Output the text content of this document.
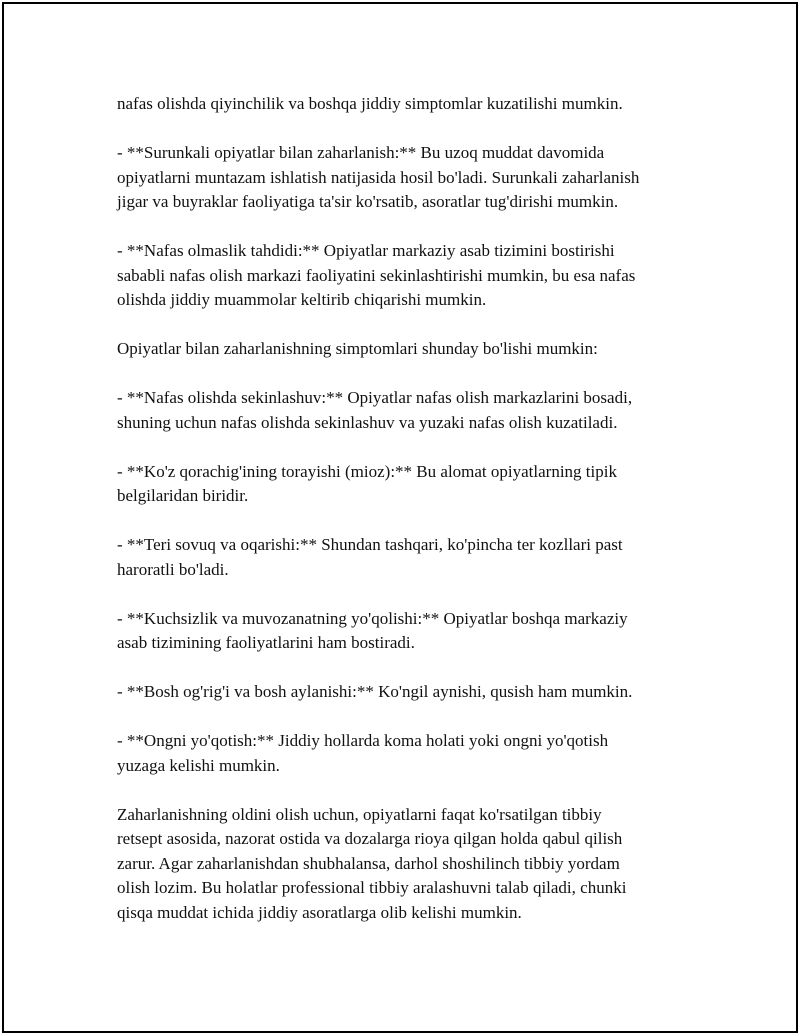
nafas olishda qiyinchilik va boshqa jiddiy simptomlar kuzatilishi mumkin.

- **Surunkali opiyatlar bilan zaharlanish:** Bu uzoq muddat davomida
opiyatlarni muntazam ishlatish natijasida hosil bo'ladi. Surunkali zaharlanish
jigar va buyraklar faoliyatiga ta'sir ko'rsatib, asoratlar tug'dirishi mumkin.

- **Nafas olmaslik tahdidi:** Opiyatlar markaziy asab tizimini bostirishi
sababli nafas olish markazi faoliyatini sekinlashtirishi mumkin, bu esa nafas
olishda jiddiy muammolar keltirib chiqarishi mumkin.

Opiyatlar bilan zaharlanishning simptomlari shunday bo'lishi mumkin:

- **Nafas olishda sekinlashuv:** Opiyatlar nafas olish markazlarini bosadi,
shuning uchun nafas olishda sekinlashuv va yuzaki nafas olish kuzatiladi.

- **Ko'z qorachig'ining torayishi (mioz):** Bu alomat opiyatlarning tipik
belgilaridan biridir.

- **Teri sovuq va oqarishi:** Shundan tashqari, ko'pincha ter kozllari past
haroratli bo'ladi.

- **Kuchsizlik va muvozanatning yo'qolishi:** Opiyatlar boshqa markaziy
asab tizimining faoliyatlarini ham bostiradi.

- **Bosh og'rig'i va bosh aylanishi:** Ko'ngil aynishi, qusish ham mumkin.

- **Ongni yo'qotish:** Jiddiy hollarda koma holati yoki ongni yo'qotish
yuzaga kelishi mumkin.

Zaharlanishning oldini olish uchun, opiyatlarni faqat ko'rsatilgan tibbiy
retsept asosida, nazorat ostida va dozalarga rioya qilgan holda qabul qilish
zarur. Agar zaharlanishdan shubhalansa, darhol shoshilinch tibbiy yordam
olish lozim. Bu holatlar professional tibbiy aralashuvni talab qiladi, chunki
qisqa muddat ichida jiddiy asoratlarga olib kelishi mumkin.
